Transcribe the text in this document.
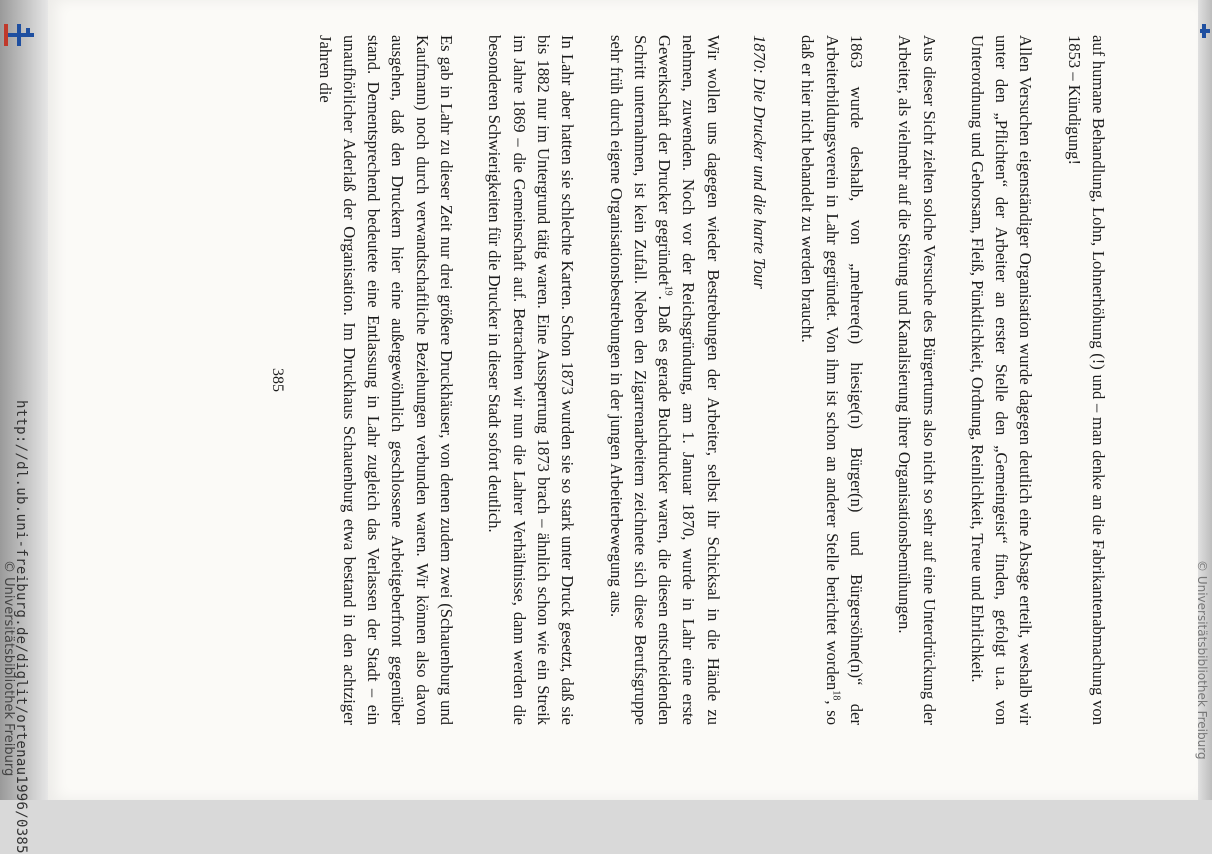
http://dl.ub.uni-freiburg.de/diglit/ortenau1996/0385
© Universitätsbibliothek Freiburg	© Universitätsbibliothek Freiburg

auf humane Behandlung, Lohn, Lohnerhöhung (!) und – man denke an die Fabrikantenabmachung von 1853 – Kündigung!

Allen Versuchen eigenständiger Organisation wurde dagegen deutlich eine Absage erteilt, weshalb wir unter den „Pflichten“ der Arbeiter an erster Stelle den „Gemeingeist“ finden, gefolgt u.a. von Unterordnung und Gehorsam, Fleiß, Pünktlichkeit, Ordnung, Reinlichkeit, Treue und Ehrlichkeit.

Aus dieser Sicht zielten solche Versuche des Bürgertums also nicht so sehr auf eine Unterdrückung der Arbeiter, als vielmehr auf die Störung und Kanalisierung ihrer Organisationsbemühungen.

1863 wurde deshalb, von „mehrere(n) hiesige(n) Bürger(n) und Bürgersöhne(n)“ der Arbeiterbildungsverein in Lahr gegründet. Von ihm ist schon an anderer Stelle berichtet worden$^{18}$, so daß er hier nicht behandelt zu werden braucht.

1870: Die Drucker und die harte Tour

Wir wollen uns dagegen wieder Bestrebungen der Arbeiter, selbst ihr Schicksal in die Hände zu nehmen, zuwenden. Noch vor der Reichsgründung, am 1. Januar 1870, wurde in Lahr eine erste Gewerkschaft der Drucker gegründet$^{19}$. Daß es gerade Buchdrucker waren, die diesen entscheidenden Schritt unternahmen, ist kein Zufall. Neben den Zigarrenarbeitern zeichnete sich diese Berufsgruppe sehr früh durch eigene Organisationsbestrebungen in der jungen Arbeiterbewegung aus.

In Lahr aber hatten sie schlechte Karten. Schon 1873 wurden sie so stark unter Druck gesetzt, daß sie bis 1882 nur im Untergrund tätig waren. Eine Aussperrung 1873 brach – ähnlich schon wie ein Streik im Jahre 1869 – die Gemeinschaft auf. Betrachten wir nun die Lahrer Verhältnisse, dann werden die besonderen Schwierigkeiten für die Drucker in dieser Stadt sofort deutlich.

Es gab in Lahr zu dieser Zeit nur drei größere Druckhäuser, von denen zudem zwei (Schauenburg und Kaufmann) noch durch verwandtschaftliche Beziehungen verbunden waren. Wir können also davon ausgehen, daß den Druckern hier eine außergewöhnlich geschlossene Arbeitgeberfront gegenüber stand. Dementsprechend bedeutete eine Entlassung in Lahr zugleich das Verlassen der Stadt – ein unaufhörlicher Aderlaß der Organisation. Im Druckhaus Schauenburg etwa bestand in den achtziger Jahren die

385
